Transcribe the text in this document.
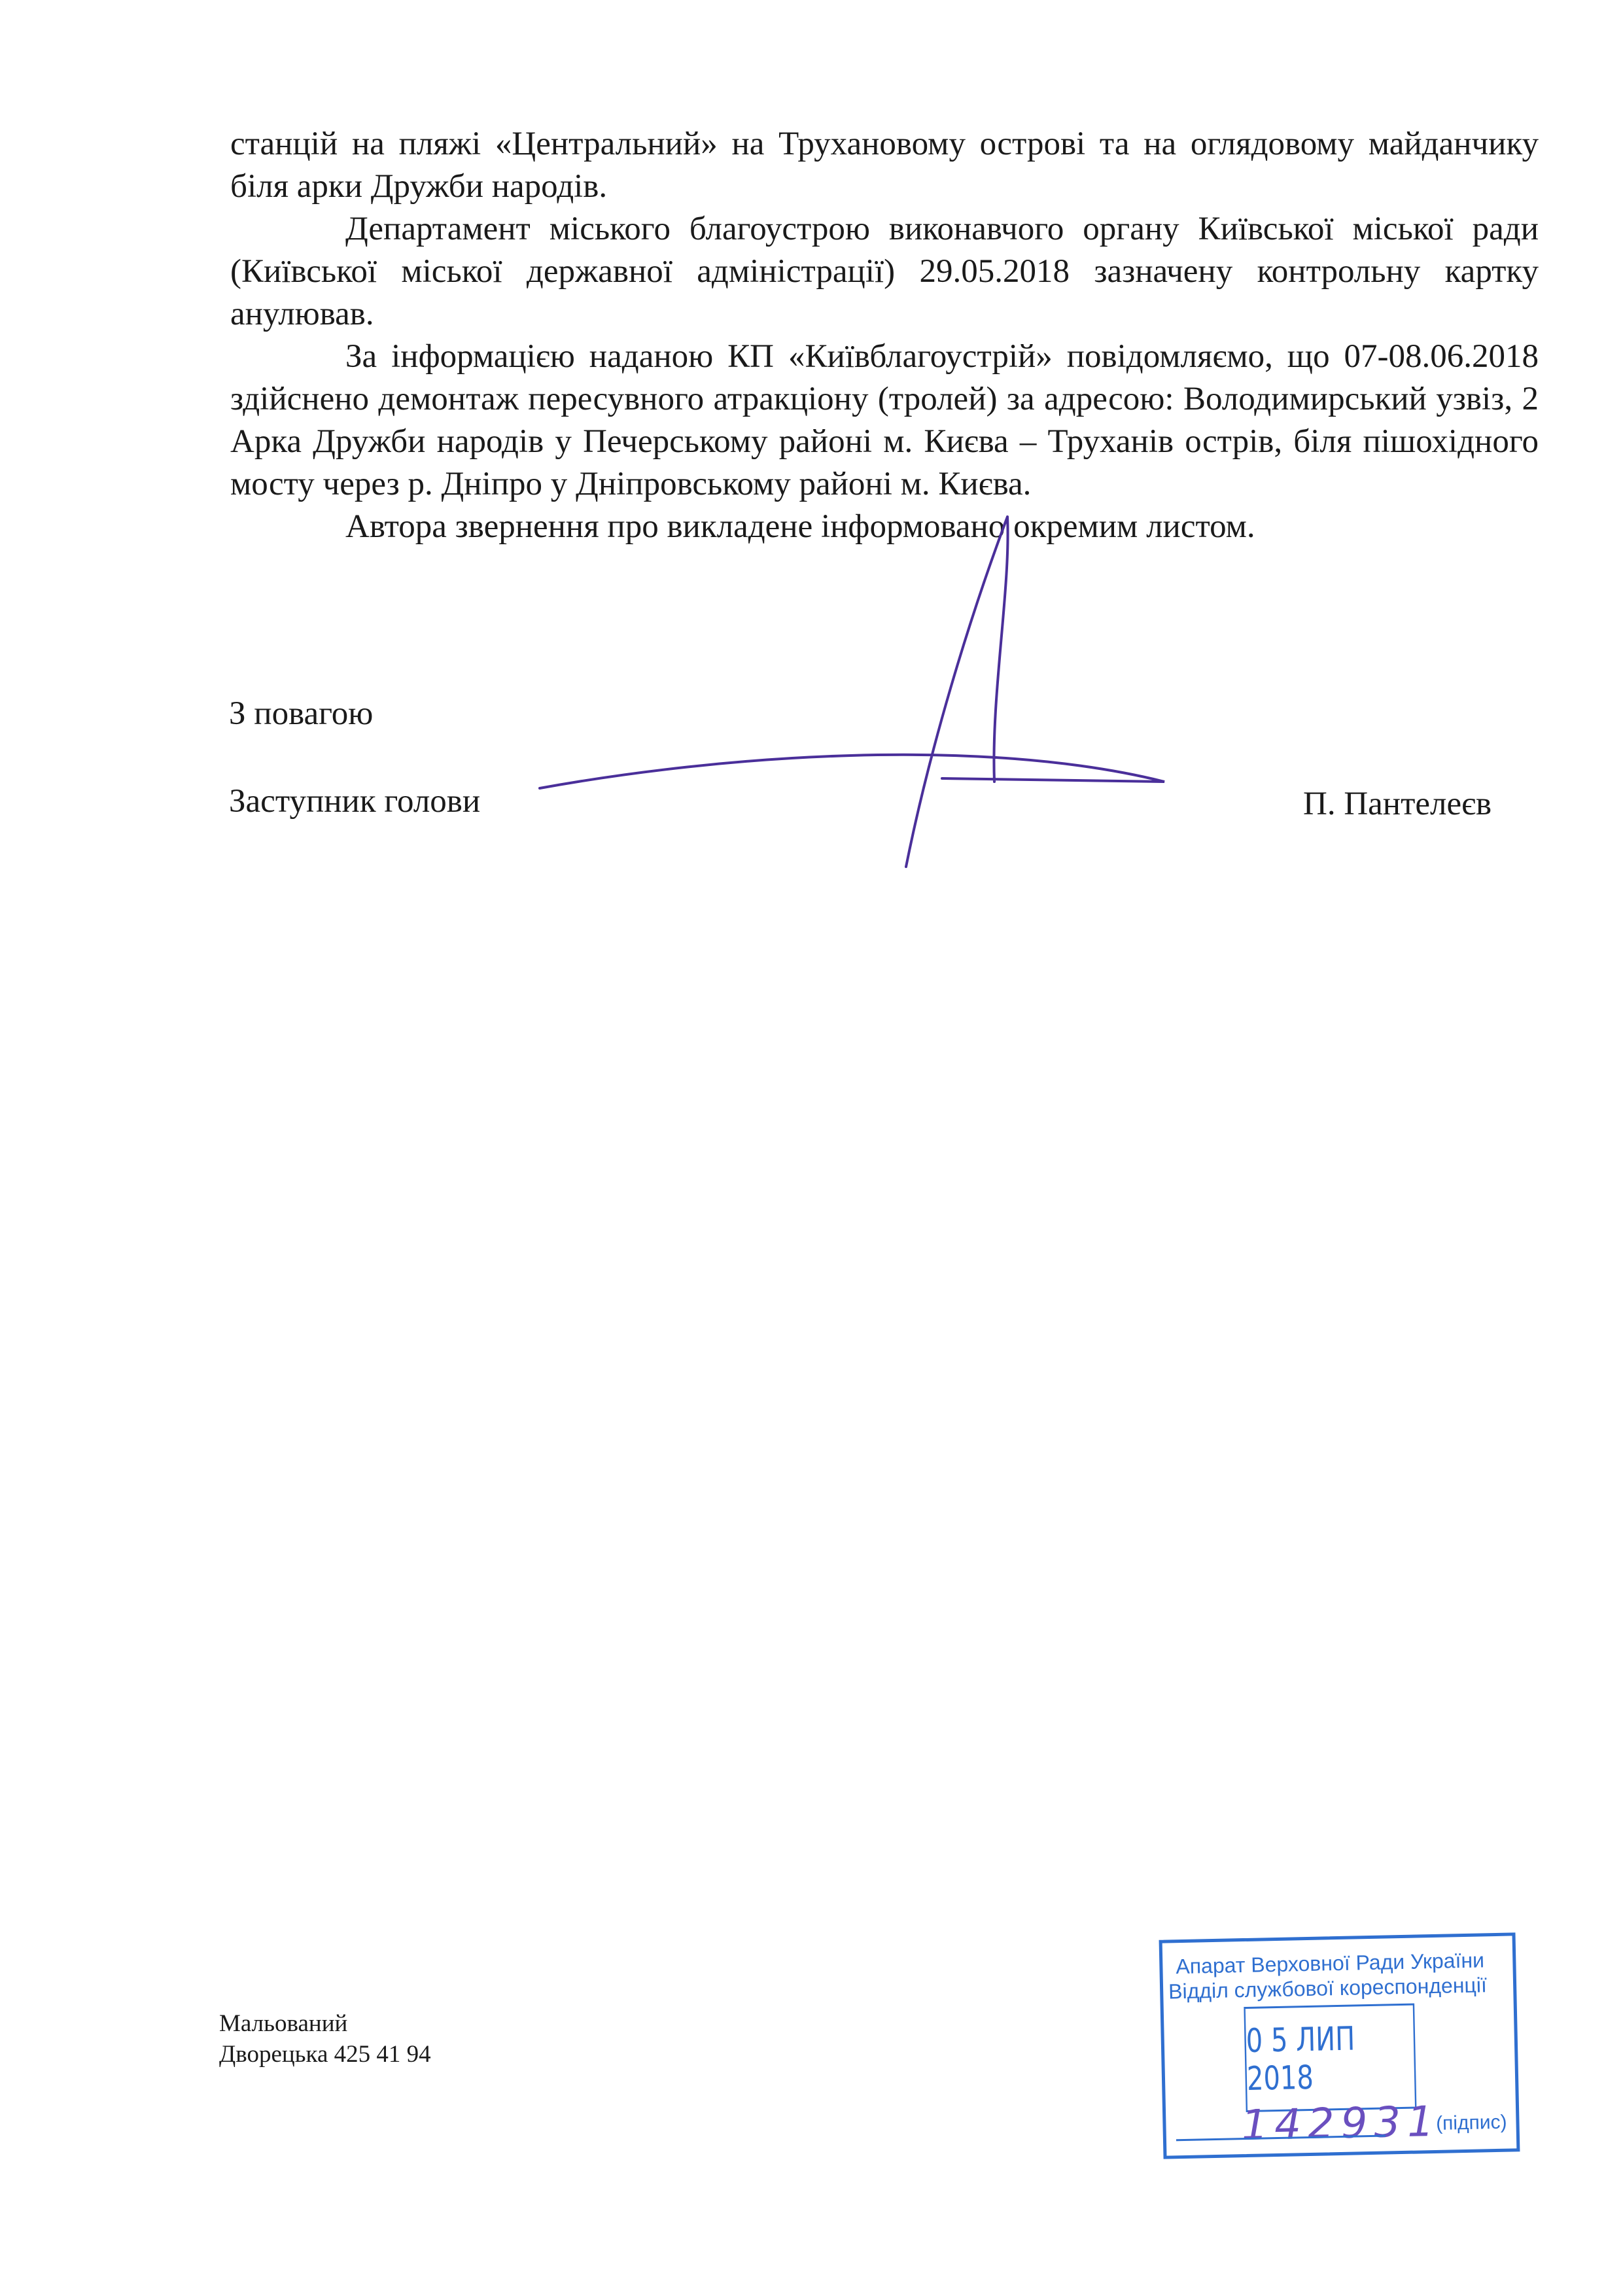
станцій на пляжі «Центральний» на Трухановому острові та на оглядовому майданчику біля арки Дружби народів.

Департамент міського благоустрою виконавчого органу Київської міської ради (Київської міської державної адміністрації) 29.05.2018 зазначену контрольну картку анулював.

За інформацією наданою КП «Київблагоустрій» повідомляємо, що 07-08.06.2018 здійснено демонтаж пересувного атракціону (тролей) за адресою: Володимирський узвіз, 2 Арка Дружби народів у Печерському районі м. Києва – Труханів острів, біля пішохідного мосту через р. Дніпро у Дніпровському районі м. Києва.

Автора звернення про викладене інформовано окремим листом.

З повагою
Заступник голови	П. Пантелеєв
Мальований
Дворецька 425 41 94
Апарат Верховної Ради України
Відділ службової кореспонденції
0 5 ЛИП 2018
142931
(підпис)
